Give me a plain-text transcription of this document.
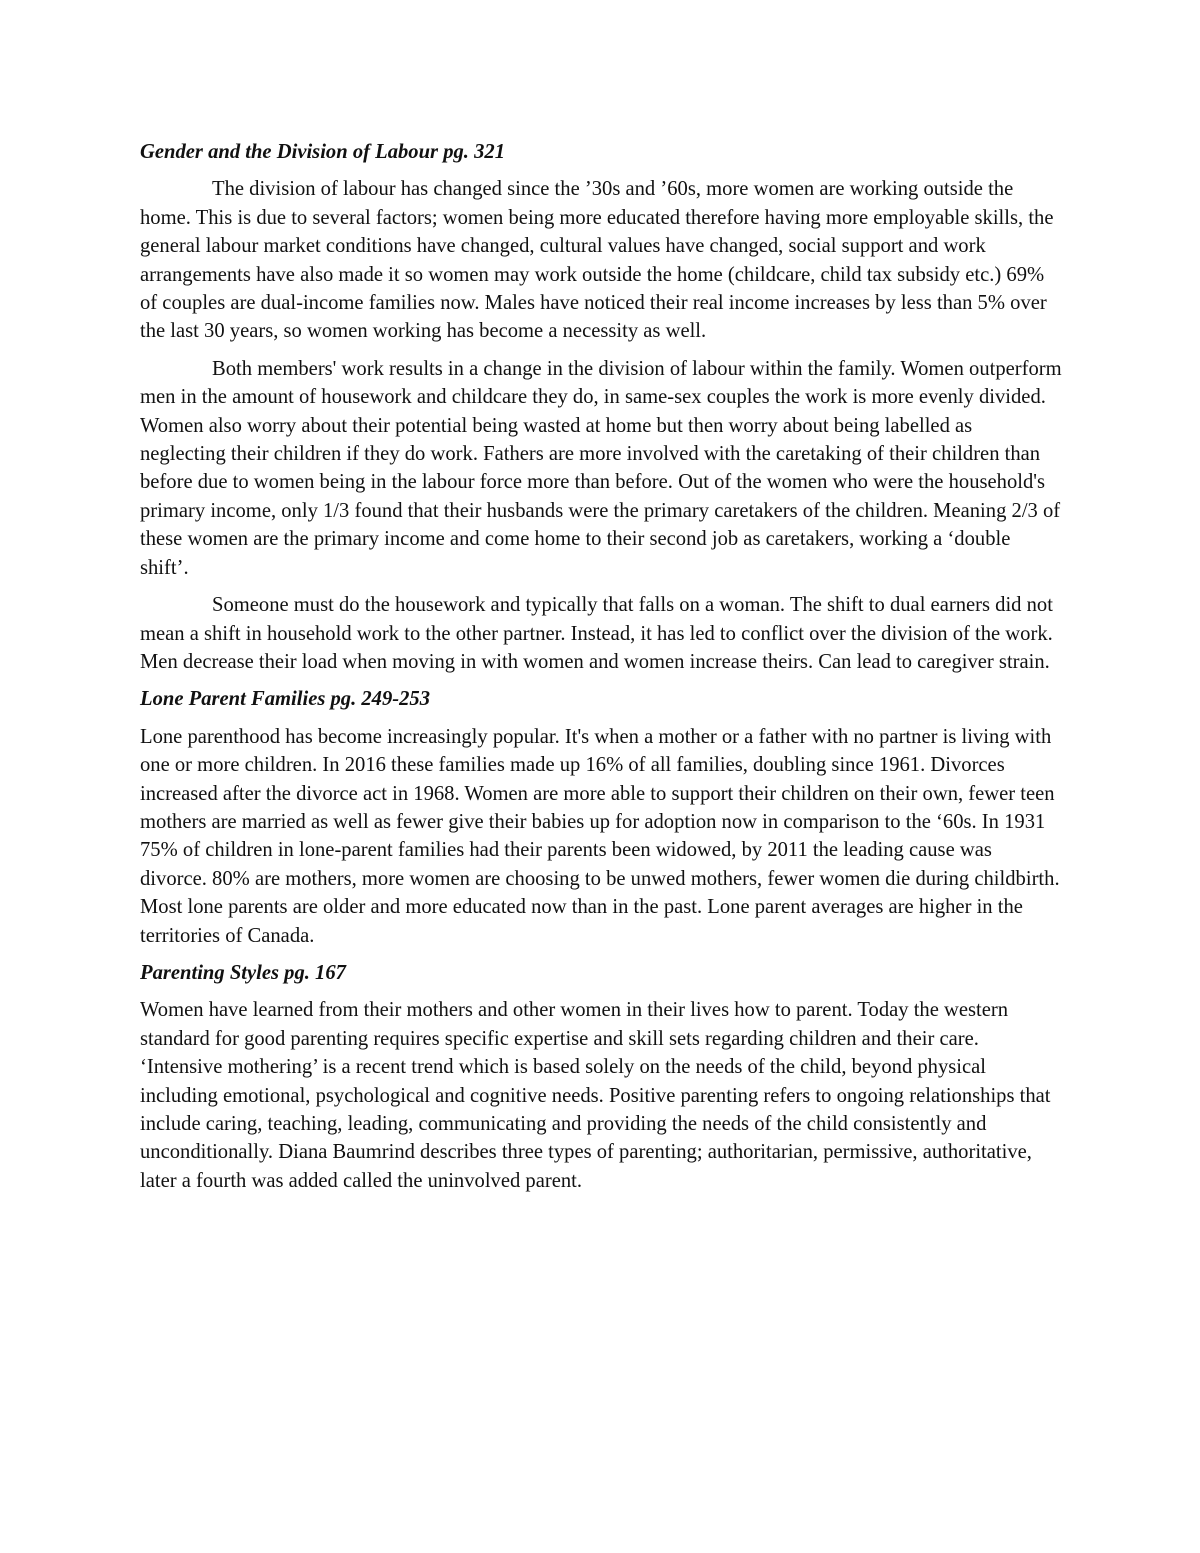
Gender and the Division of Labour pg. 321

The division of labour has changed since the ’30s and ’60s, more women are working outside the home. This is due to several factors; women being more educated therefore having more employable skills, the general labour market conditions have changed, cultural values have changed, social support and work arrangements have also made it so women may work outside the home (childcare, child tax subsidy etc.) 69% of couples are dual-income families now. Males have noticed their real income increases by less than 5% over the last 30 years, so women working has become a necessity as well.

Both members' work results in a change in the division of labour within the family. Women outperform men in the amount of housework and childcare they do, in same-sex couples the work is more evenly divided. Women also worry about their potential being wasted at home but then worry about being labelled as neglecting their children if they do work. Fathers are more involved with the caretaking of their children than before due to women being in the labour force more than before. Out of the women who were the household's primary income, only 1/3 found that their husbands were the primary caretakers of the children. Meaning 2/3 of these women are the primary income and come home to their second job as caretakers, working a ‘double shift’.

Someone must do the housework and typically that falls on a woman. The shift to dual earners did not mean a shift in household work to the other partner. Instead, it has led to conflict over the division of the work. Men decrease their load when moving in with women and women increase theirs. Can lead to caregiver strain.

Lone Parent Families pg. 249-253

Lone parenthood has become increasingly popular. It's when a mother or a father with no partner is living with one or more children. In 2016 these families made up 16% of all families, doubling since 1961. Divorces increased after the divorce act in 1968. Women are more able to support their children on their own, fewer teen mothers are married as well as fewer give their babies up for adoption now in comparison to the ‘60s. In 1931 75% of children in lone-parent families had their parents been widowed, by 2011 the leading cause was divorce. 80% are mothers, more women are choosing to be unwed mothers, fewer women die during childbirth. Most lone parents are older and more educated now than in the past. Lone parent averages are higher in the territories of Canada.

Parenting Styles pg. 167

Women have learned from their mothers and other women in their lives how to parent. Today the western standard for good parenting requires specific expertise and skill sets regarding children and their care. ‘Intensive mothering’ is a recent trend which is based solely on the needs of the child, beyond physical including emotional, psychological and cognitive needs. Positive parenting refers to ongoing relationships that include caring, teaching, leading, communicating and providing the needs of the child consistently and unconditionally. Diana Baumrind describes three types of parenting; authoritarian, permissive, authoritative, later a fourth was added called the uninvolved parent.
